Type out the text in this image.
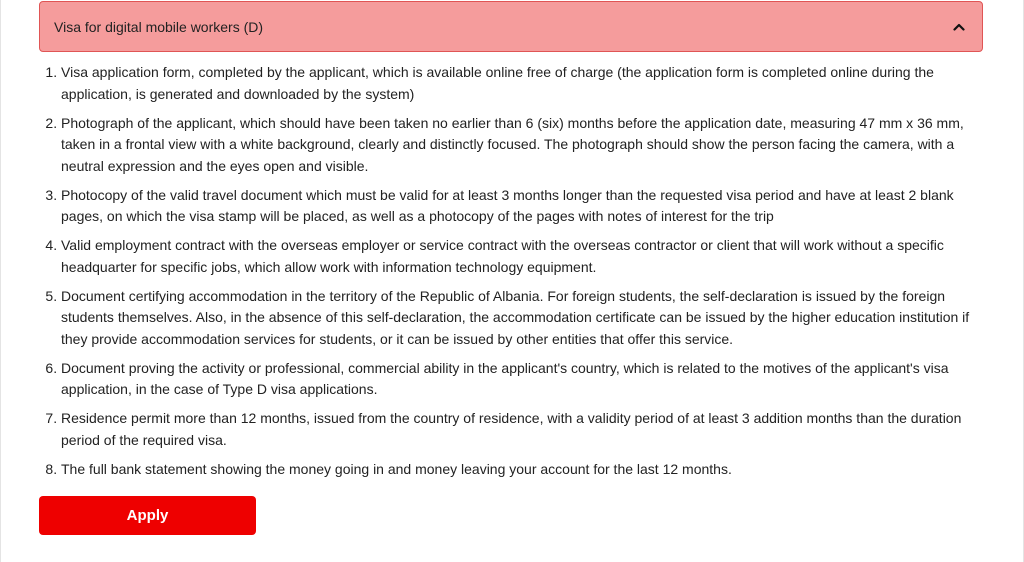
Visa for digital mobile workers (D)
1. Visa application form, completed by the applicant, which is available online free of charge (the application form is completed online during the application, is generated and downloaded by the system)
2. Photograph of the applicant, which should have been taken no earlier than 6 (six) months before the application date, measuring 47 mm x 36 mm, taken in a frontal view with a white background, clearly and distinctly focused. The photograph should show the person facing the camera, with a neutral expression and the eyes open and visible.
3. Photocopy of the valid travel document which must be valid for at least 3 months longer than the requested visa period and have at least 2 blank pages, on which the visa stamp will be placed, as well as a photocopy of the pages with notes of interest for the trip
4. Valid employment contract with the overseas employer or service contract with the overseas contractor or client that will work without a specific headquarter for specific jobs, which allow work with information technology equipment.
5. Document certifying accommodation in the territory of the Republic of Albania. For foreign students, the self-declaration is issued by the foreign students themselves. Also, in the absence of this self-declaration, the accommodation certificate can be issued by the higher education institution if they provide accommodation services for students, or it can be issued by other entities that offer this service.
6. Document proving the activity or professional, commercial ability in the applicant's country, which is related to the motives of the applicant's visa application, in the case of Type D visa applications.
7. Residence permit more than 12 months, issued from the country of residence, with a validity period of at least 3 addition months than the duration period of the required visa.
8. The full bank statement showing the money going in and money leaving your account for the last 12 months.
Apply
